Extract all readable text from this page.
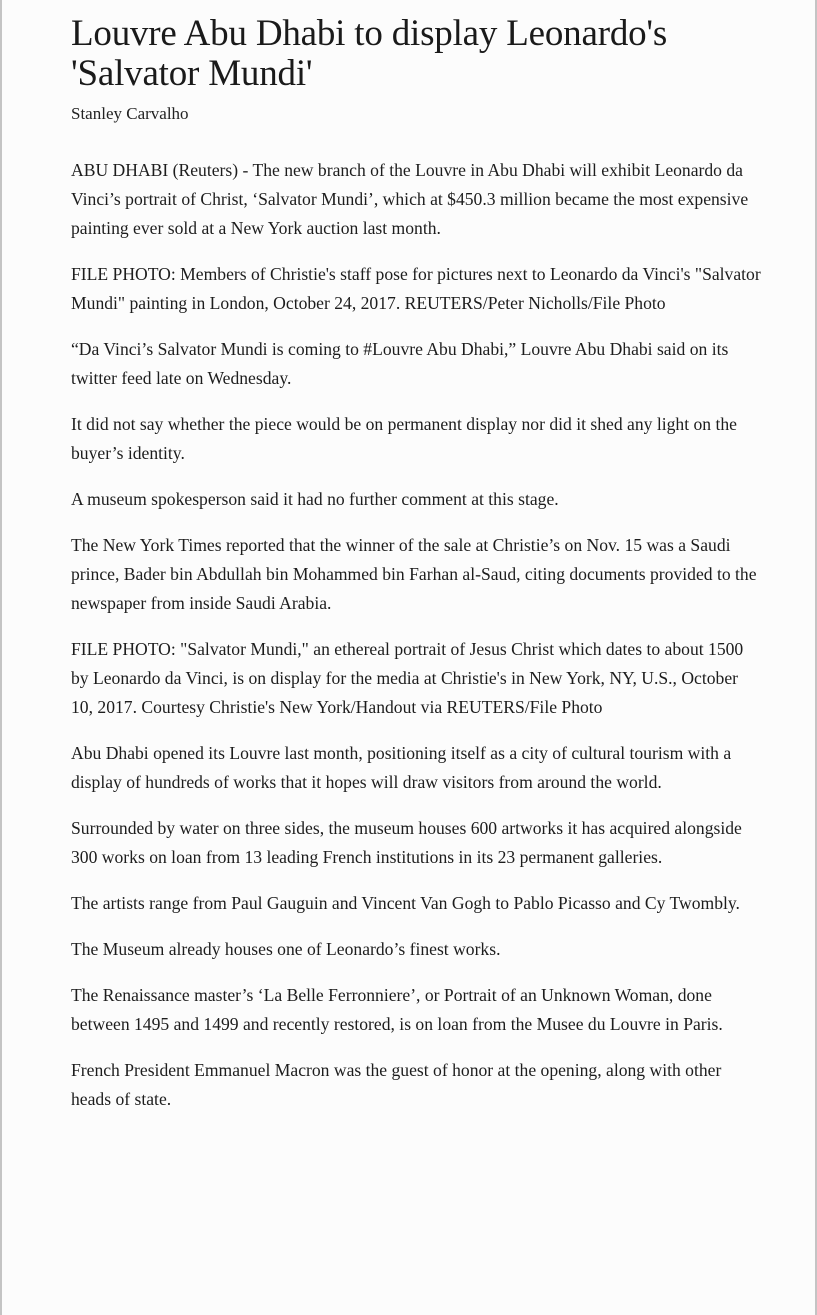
Louvre Abu Dhabi to display Leonardo's 'Salvator Mundi'
Stanley Carvalho

ABU DHABI (Reuters) - The new branch of the Louvre in Abu Dhabi will exhibit Leonardo da Vinci’s portrait of Christ, ‘Salvator Mundi’, which at $450.3 million became the most expensive painting ever sold at a New York auction last month.

FILE PHOTO: Members of Christie's staff pose for pictures next to Leonardo da Vinci's "Salvator Mundi" painting in London, October 24, 2017. REUTERS/Peter Nicholls/File Photo

“Da Vinci’s Salvator Mundi is coming to #Louvre Abu Dhabi,” Louvre Abu Dhabi said on its twitter feed late on Wednesday.

It did not say whether the piece would be on permanent display nor did it shed any light on the buyer’s identity.

A museum spokesperson said it had no further comment at this stage.

The New York Times reported that the winner of the sale at Christie’s on Nov. 15 was a Saudi prince, Bader bin Abdullah bin Mohammed bin Farhan al-Saud, citing documents provided to the newspaper from inside Saudi Arabia.

FILE PHOTO: "Salvator Mundi," an ethereal portrait of Jesus Christ which dates to about 1500 by Leonardo da Vinci, is on display for the media at Christie's in New York, NY, U.S., October 10, 2017. Courtesy Christie's New York/Handout via REUTERS/File Photo

Abu Dhabi opened its Louvre last month, positioning itself as a city of cultural tourism with a display of hundreds of works that it hopes will draw visitors from around the world.

Surrounded by water on three sides, the museum houses 600 artworks it has acquired alongside 300 works on loan from 13 leading French institutions in its 23 permanent galleries.

The artists range from Paul Gauguin and Vincent Van Gogh to Pablo Picasso and Cy Twombly.

The Museum already houses one of Leonardo’s finest works.

The Renaissance master’s ‘La Belle Ferronniere’, or Portrait of an Unknown Woman, done between 1495 and 1499 and recently restored, is on loan from the Musee du Louvre in Paris.

French President Emmanuel Macron was the guest of honor at the opening, along with other heads of state.
